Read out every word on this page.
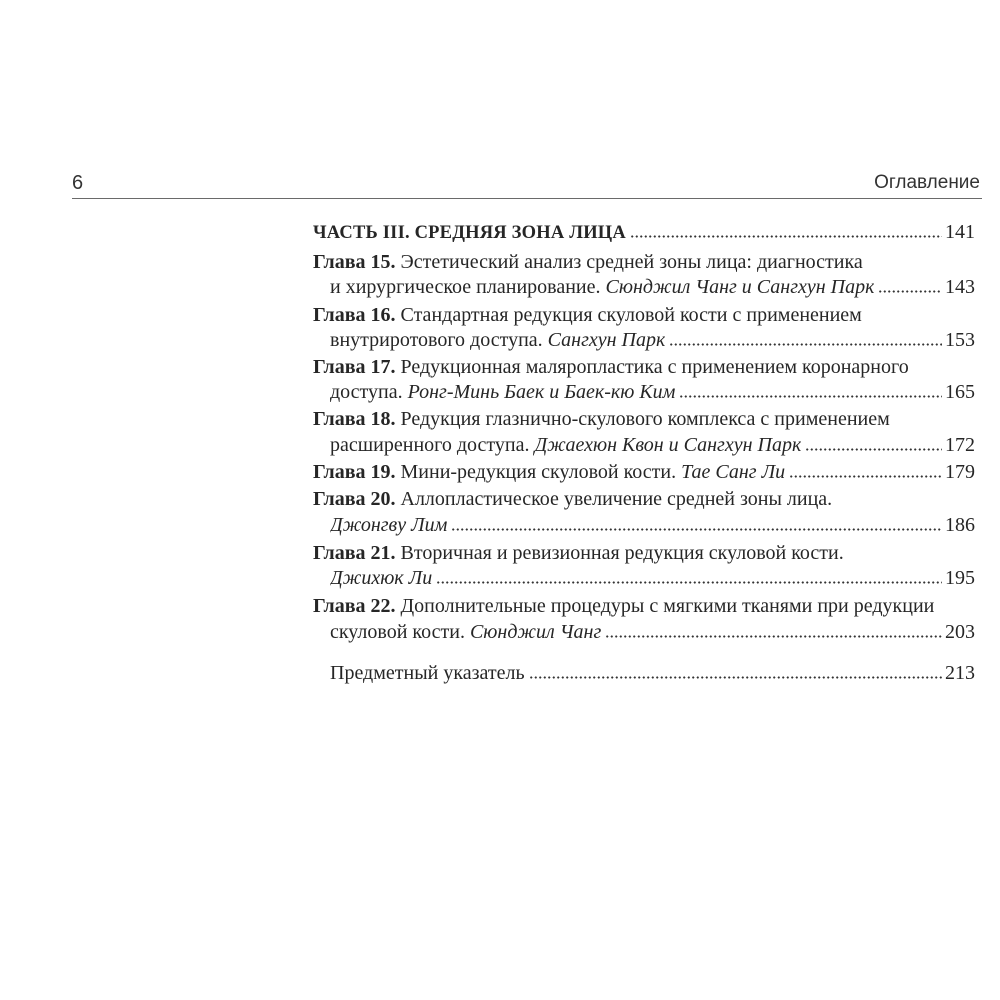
6	Оглавление
ЧАСТЬ III. СРЕДНЯЯ ЗОНА ЛИЦА	141
Глава 15. Эстетический анализ средней зоны лица: диагностика
и хирургическое планирование. Сюнджил Чанг и Сангхун Парк	143
Глава 16. Стандартная редукция скуловой кости с применением
внутриротового доступа. Сангхун Парк	153
Глава 17. Редукционная маляропластика с применением коронарного
доступа. Ронг-Минь Баек и Баек-кю Ким	165
Глава 18. Редукция глазнично-скулового комплекса с применением
расширенного доступа. Джаехюн Квон и Сангхун Парк	172
Глава 19. Мини-редукция скуловой кости. Тае Санг Ли	179
Глава 20. Аллопластическое увеличение средней зоны лица.
Джонгву Лим	186
Глава 21. Вторичная и ревизионная редукция скуловой кости.
Джихюк Ли	195
Глава 22. Дополнительные процедуры с мягкими тканями при редукции
скуловой кости. Сюнджил Чанг	203
Предметный указатель	213
